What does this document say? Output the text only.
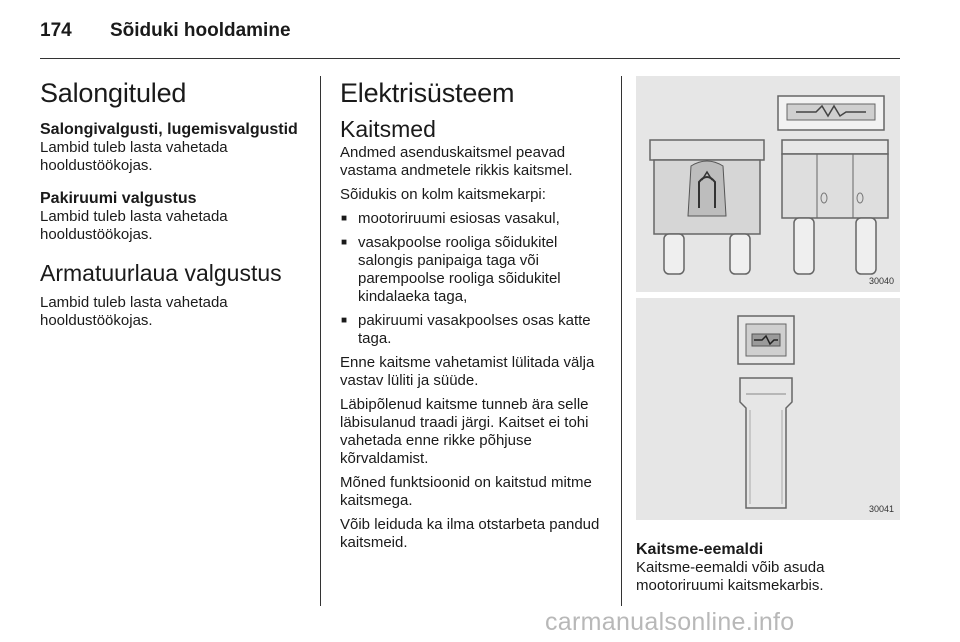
174 Sõiduki hooldamine
Salongituled
Salongivalgusti, lugemisvalgustid

Lambid tuleb lasta vahetada hooldustöökojas.

Pakiruumi valgustus

Lambid tuleb lasta vahetada hooldustöökojas.

Armatuurlaua valgustus

Lambid tuleb lasta vahetada hooldustöökojas.

Elektrisüsteem
Kaitsmed

Andmed asenduskaitsmel peavad vastama andmetele rikkis kaitsmel.

Sõidukis on kolm kaitsmekarpi:

■ mootoriruumi esiosas vasakul,
■ vasakpoolse rooliga sõidukitel salongis panipaiga taga või parempoolse rooliga sõidukitel kindalaeka taga,
■ pakiruumi vasakpoolses osas katte taga.

Enne kaitsme vahetamist lülitada välja vastav lüliti ja süüde.

Läbipõlenud kaitsme tunneb ära selle läbisulanud traadi järgi. Kaitset ei tohi vahetada enne rikke põhjuse kõrvaldamist.

Mõned funktsioonid on kaitstud mitme kaitsmega.

Võib leiduda ka ilma otstarbeta pandud kaitsmeid.

30040
30041
Kaitsme-eemaldi

Kaitsme-eemaldi võib asuda mootoriruumi kaitsmekarbis.

carmanualsonline.info
